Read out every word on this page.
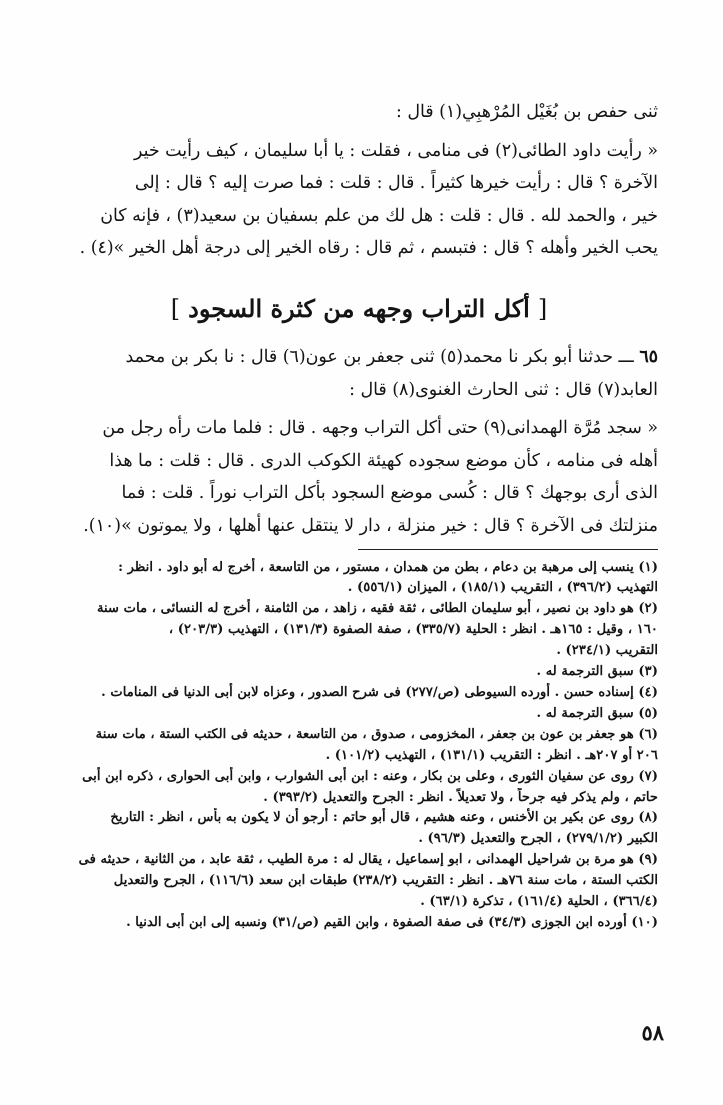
ثنى حفص بن بُغَيْل المُرْهبِي(١) قال :

« رأيت داود الطائى(٢) فى منامى ، فقلت : يا أبا سليمان ، كيف رأيت خير

الآخرة ؟ قال : رأيت خيرها كثيراً . قال : قلت : فما صرت إليه ؟ قال : إلى

خير ، والحمد لله . قال : قلت : هل لك من علم بسفيان بن سعيد(٣) ، فإنه كان

يحب الخير وأهله ؟ قال : فتبسم ، ثم قال : رقاه الخير إلى درجة أهل الخير »(٤) .

[أكل التراب وجهه من كثرة السجود]

٦٥ ـــ حدثنا أبو بكر نا محمد(٥) ثنى جعفر بن عون(٦) قال : نا بكر بن محمد

العابد(٧) قال : ثنى الحارث الغنوى(٨) قال :

« سجد مُرَّة الهمدانى(٩) حتى أكل التراب وجهه . قال : فلما مات رأه رجل من

أهله فى منامه ، كأن موضع سجوده كهيئة الكوكب الدرى . قال : قلت : ما هذا

الذى أرى بوجهك ؟ قال : كُسى موضع السجود بأكل التراب نوراً . قلت : فما

منزلتك فى الآخرة ؟ قال : خير منزلة ، دار لا ينتقل عنها أهلها ، ولا يموتون »(١٠).

(١) ينسب إلى مرهبة بن دعام ، بطن من همدان ، مستور ، من التاسعة ، أخرج له أبو داود . انظر :

التهذيب (٣٩٦/٢) ، التقريب (١٨٥/١) ، الميزان (٥٥٦/١) .

(٢) هو داود بن نصير ، أبو سليمان الطائى ، ثقة فقيه ، زاهد ، من الثامنة ، أخرج له النسائى ، مات سنة

١٦٠ ، وقيل : ١٦٥هـ . انظر : الحلية (٣٣٥/٧) ، صفة الصفوة (١٣١/٣) ، التهذيب (٢٠٣/٣) ،

التقريب (٢٣٤/١) .

(٣) سبق الترجمة له .

(٤) إسناده حسن . أورده السيوطى (ص/٢٧٧) فى شرح الصدور ، وعزاه لابن أبى الدنيا فى المنامات .

(٥) سبق الترجمة له .

(٦) هو جعفر بن عون بن جعفر ، المخزومى ، صدوق ، من التاسعة ، حديثه فى الكتب الستة ، مات سنة

٢٠٦ أو ٢٠٧هـ . انظر : التقريب (١٣١/١) ، التهذيب (١٠١/٢) .

(٧) روى عن سفيان الثورى ، وعلى بن بكار ، وعنه : ابن أبى الشوارب ، وابن أبى الحوارى ، ذكره ابن أبى

حاتم ، ولم يذكر فيه جرحاً ، ولا تعديلاً . انظر : الجرح والتعديل (٣٩٣/٢) .

(٨) روى عن بكير بن الأخنس ، وعنه هشيم ، قال أبو حاتم : أرجو أن لا يكون به بأس ، انظر : التاريخ

الكبير (٢٧٩/١/٢) ، الجرح والتعديل (٩٦/٣) .

(٩) هو مرة بن شراحيل الهمدانى ، ابو إسماعيل ، يقال له : مرة الطيب ، ثقة عابد ، من الثانية ، حديثه فى

الكتب الستة ، مات سنة ٧٦هـ . انظر : التقريب (٢٣٨/٢) طبقات ابن سعد (١١٦/٦) ، الجرح والتعديل

(٣٦٦/٤) ، الحلية (١٦١/٤) ، تذكرة (٦٣/١) .

(١٠) أورده ابن الجوزى (٣٤/٣) فى صفة الصفوة ، وابن القيم (ص/٣١) ونسبه إلى ابن أبى الدنيا .

٥٨
